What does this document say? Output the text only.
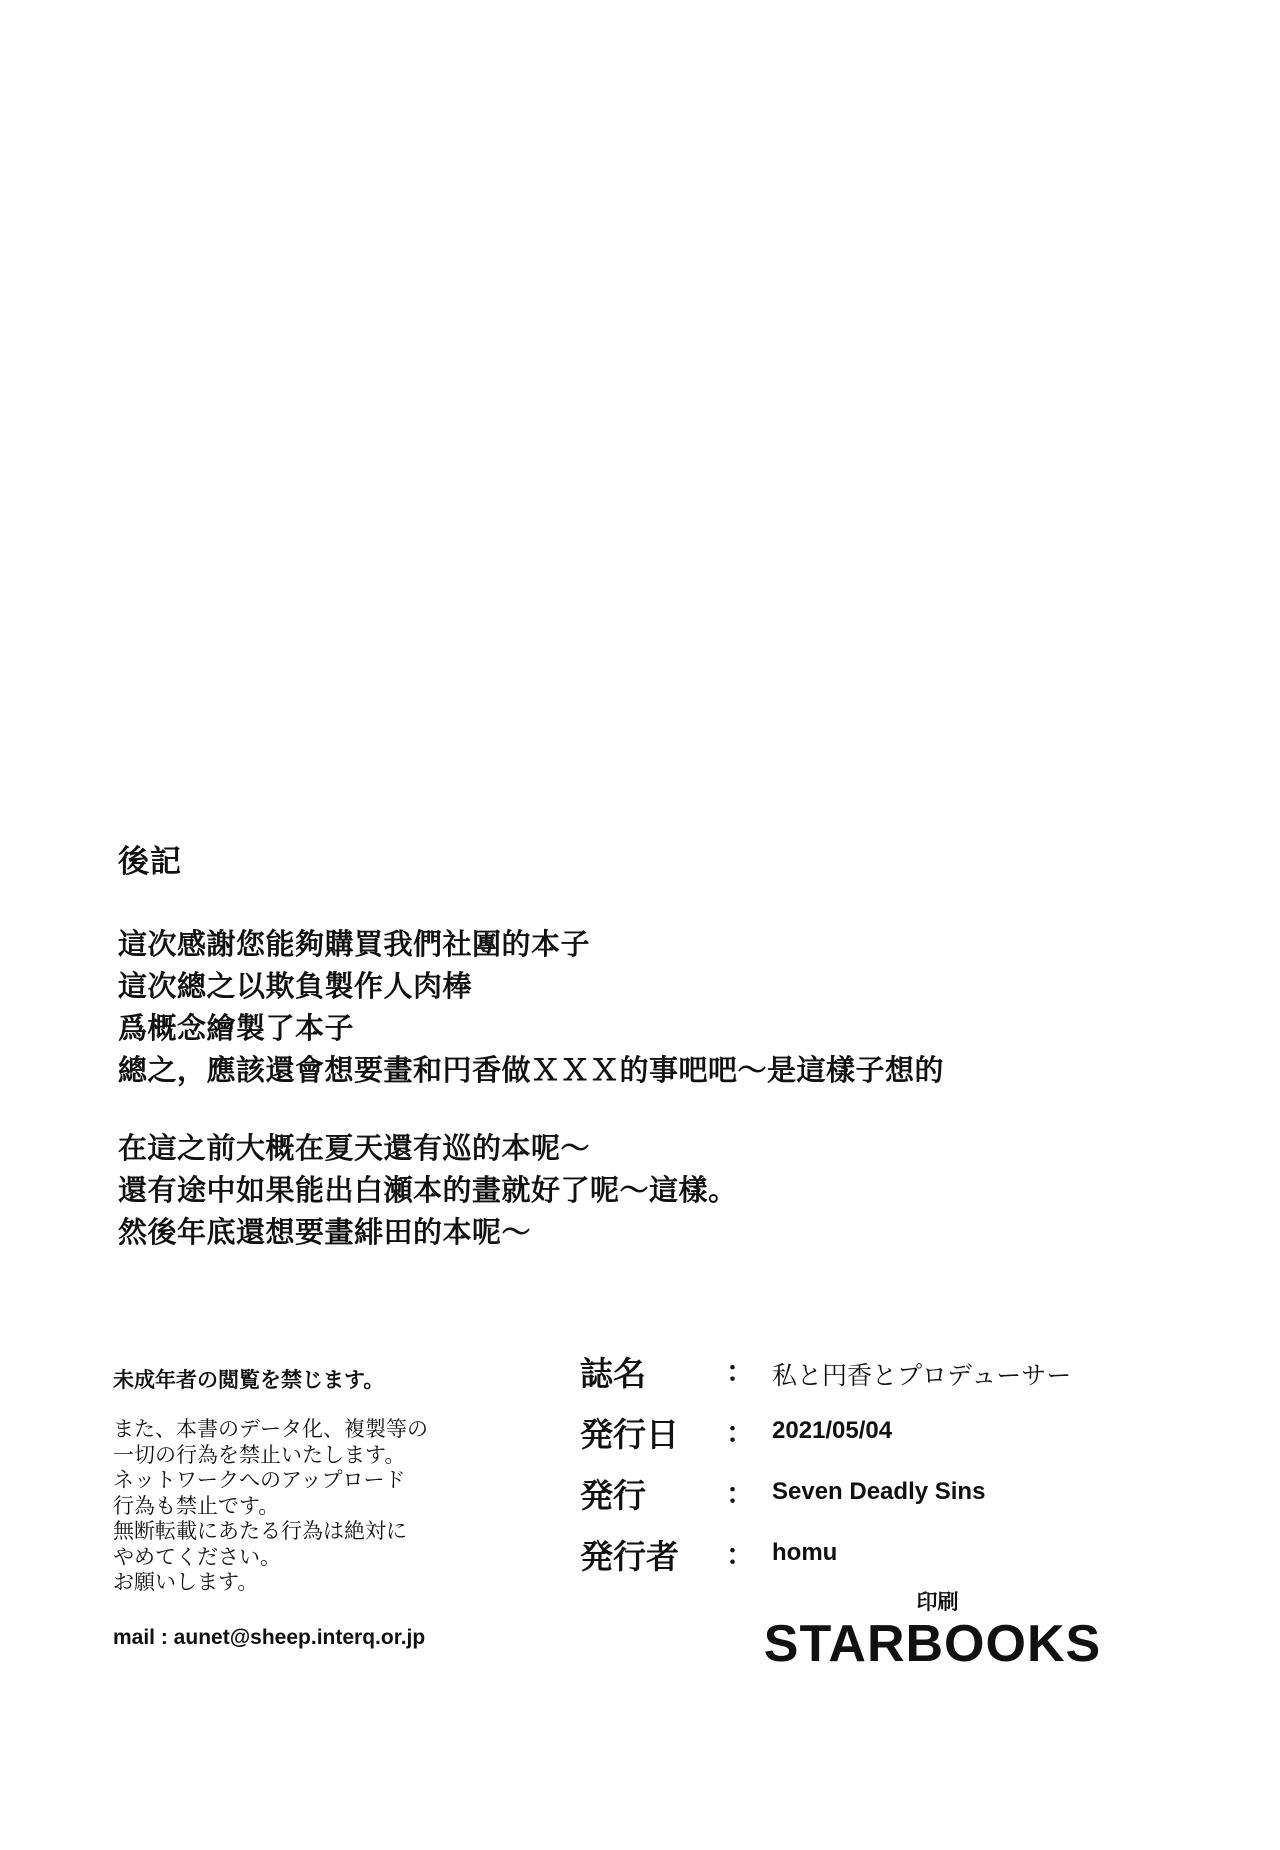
後記
這次感謝您能夠購買我們社團的本子
這次總之以欺負製作人肉棒
爲概念繪製了本子
總之，應該還會想要畫和円香做ＸＸＸ的事吧吧～是這樣子想的
在這之前大概在夏天還有巡的本呢～
還有途中如果能出白瀬本的畫就好了呢～這樣。
然後年底還想要畫緋田的本呢～
未成年者の閲覧を禁じます。
また、本書のデータ化、複製等の
一切の行為を禁止いたします。
ネットワークへのアップロード
行為も禁止です。
無断転載にあたる行為は絶対に
やめてください。
お願いします。
mail : aunet@sheep.interq.or.jp
誌名	： 私と円香とプロデューサー
発行日 ： 2021/05/04
発行	： Seven Deadly Sins
発行者 ： homu
印刷
STARBOOKS
